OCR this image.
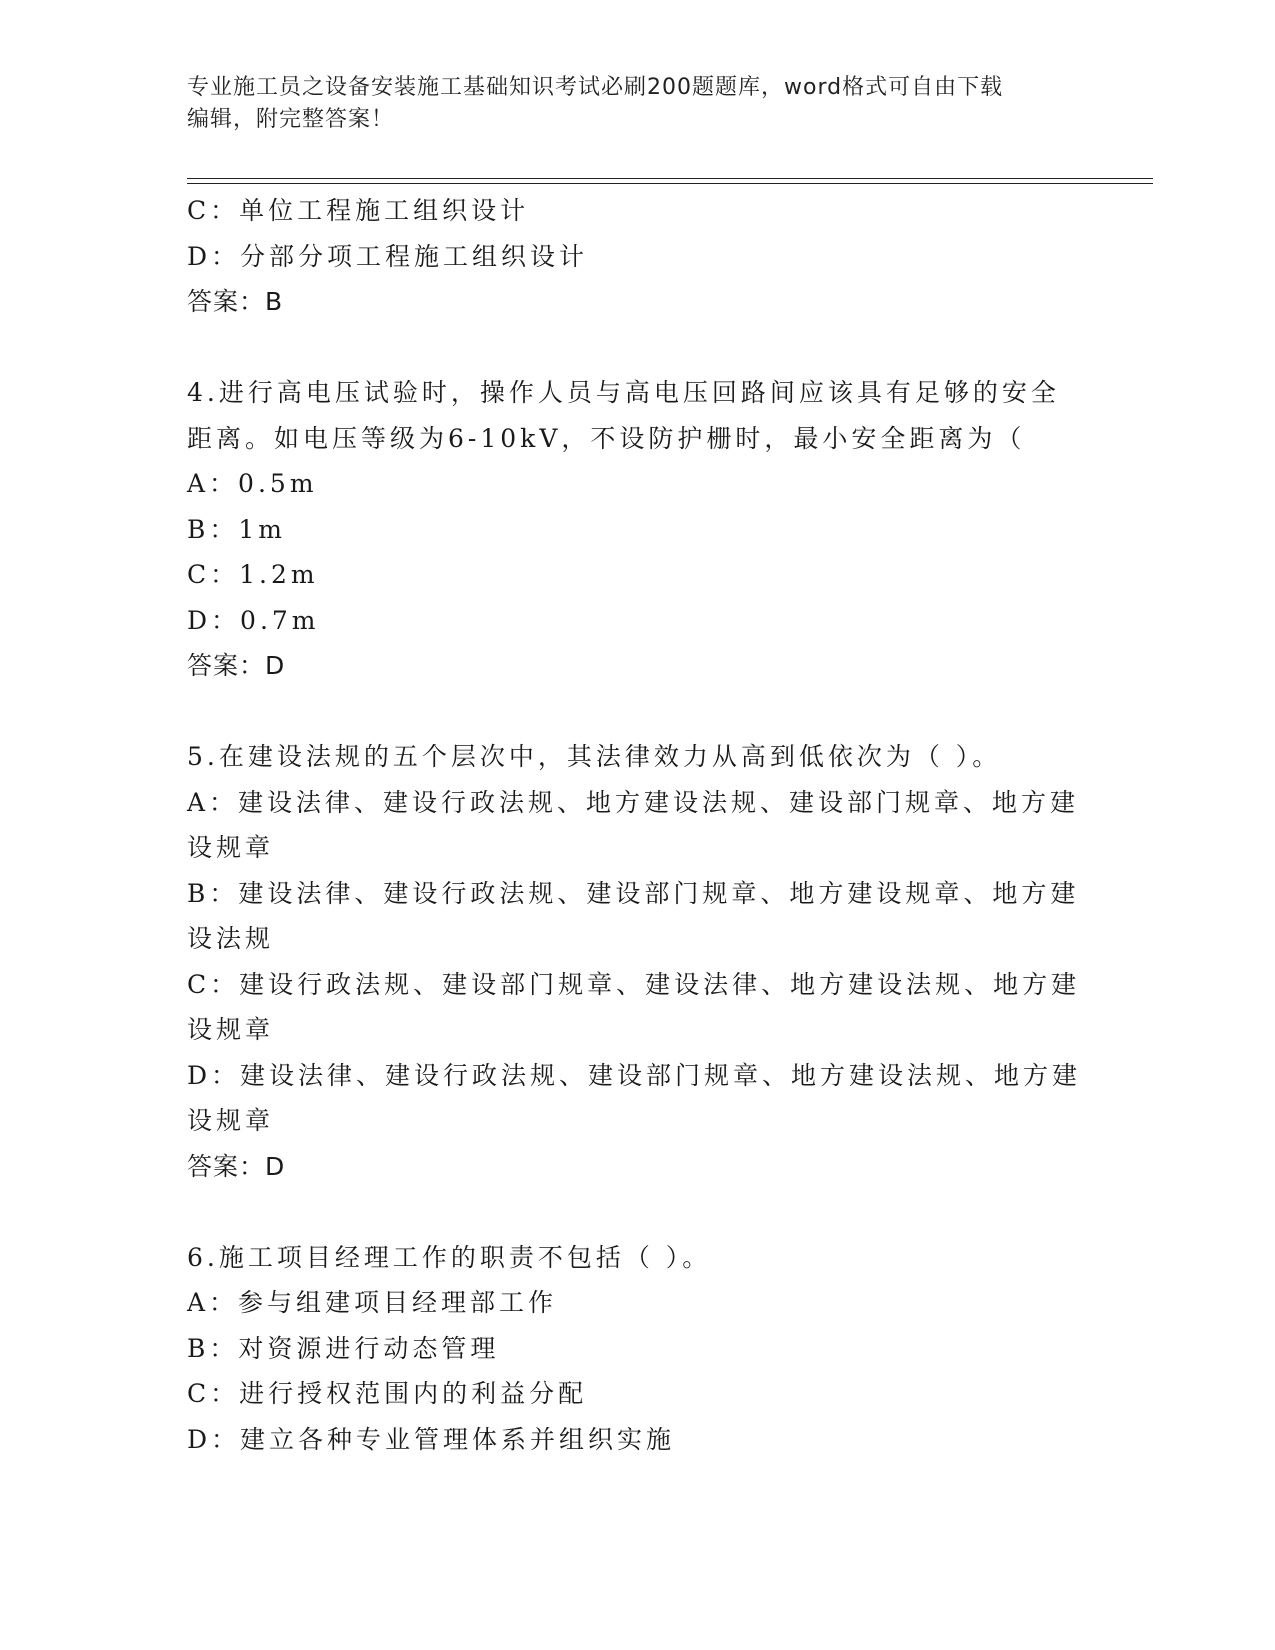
专业施工员之设备安装施工基础知识考试必刷200题题库，word格式可自由下载
编辑，附完整答案！
C：单位工程施工组织设计
D：分部分项工程施工组织设计
答案：B
4.进行高电压试验时，操作人员与高电压回路间应该具有足够的安全
距离。如电压等级为6-10kV，不设防护栅时，最小安全距离为（
A：0.5m
B：1m
C：1.2m
D：0.7m
答案：D
5.在建设法规的五个层次中，其法律效力从高到低依次为（ ）。
A：建设法律、建设行政法规、地方建设法规、建设部门规章、地方建
设规章
B：建设法律、建设行政法规、建设部门规章、地方建设规章、地方建
设法规
C：建设行政法规、建设部门规章、建设法律、地方建设法规、地方建
设规章
D：建设法律、建设行政法规、建设部门规章、地方建设法规、地方建
设规章
答案：D
6.施工项目经理工作的职责不包括（ ）。
A：参与组建项目经理部工作
B：对资源进行动态管理
C：进行授权范围内的利益分配
D：建立各种专业管理体系并组织实施
